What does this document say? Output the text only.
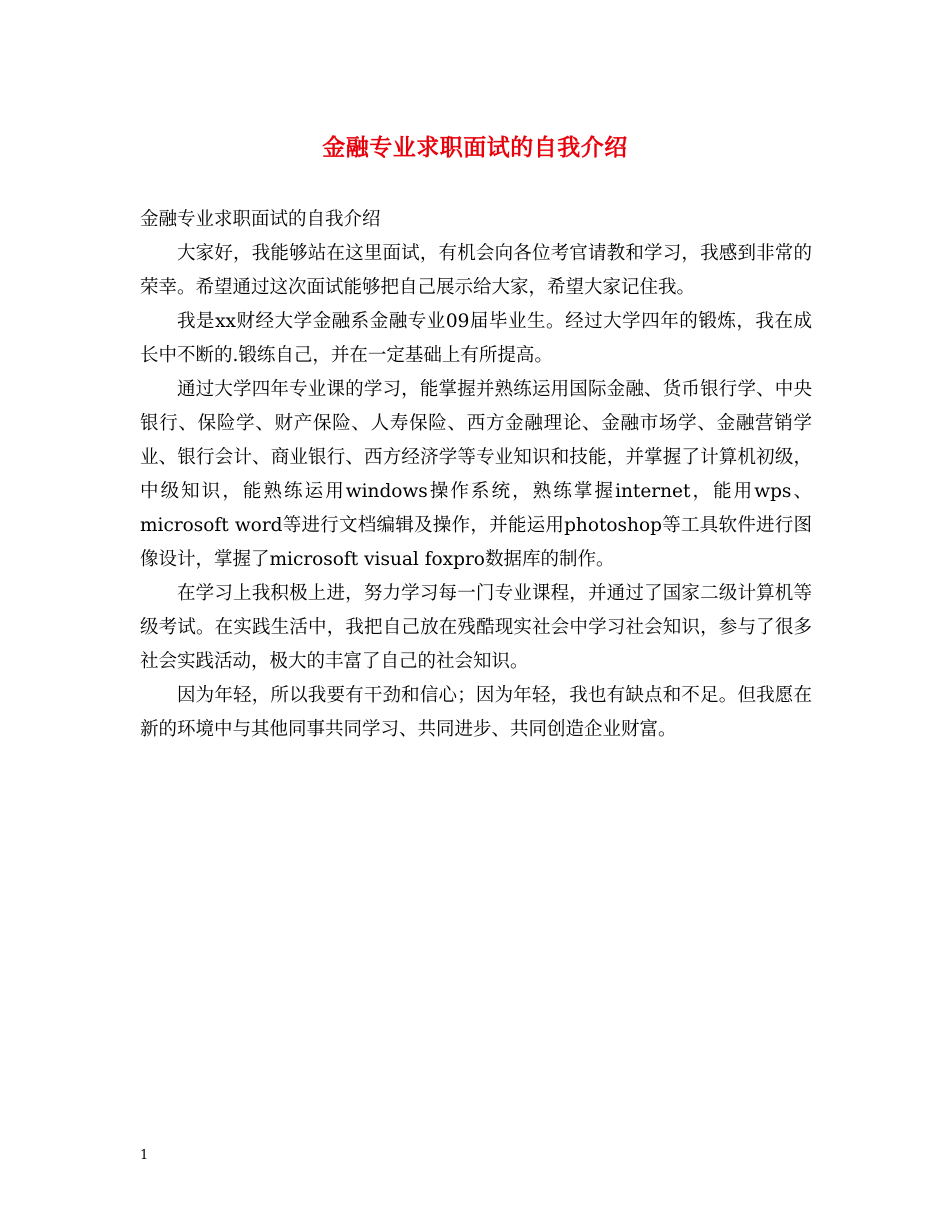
金融专业求职面试的自我介绍

金融专业求职面试的自我介绍

大家好，我能够站在这里面试，有机会向各位考官请教和学习，我感到非常的荣幸。希望通过这次面试能够把自己展示给大家，希望大家记住我。

我是xx财经大学金融系金融专业09届毕业生。经过大学四年的锻炼，我在成长中不断的.锻练自己，并在一定基础上有所提高。

通过大学四年专业课的学习，能掌握并熟练运用国际金融、货币银行学、中央银行、保险学、财产保险、人寿保险、西方金融理论、金融市场学、金融营销学业、银行会计、商业银行、西方经济学等专业知识和技能，并掌握了计算机初级，中级知识，能熟练运用windows操作系统，熟练掌握internet，能用wps、microsoft word等进行文档编辑及操作，并能运用photoshop等工具软件进行图像设计，掌握了microsoft visual foxpro数据库的制作。

在学习上我积极上进，努力学习每一门专业课程，并通过了国家二级计算机等级考试。在实践生活中，我把自己放在残酷现实社会中学习社会知识，参与了很多社会实践活动，极大的丰富了自己的社会知识。

因为年轻，所以我要有干劲和信心；因为年轻，我也有缺点和不足。但我愿在新的环境中与其他同事共同学习、共同进步、共同创造企业财富。

1
